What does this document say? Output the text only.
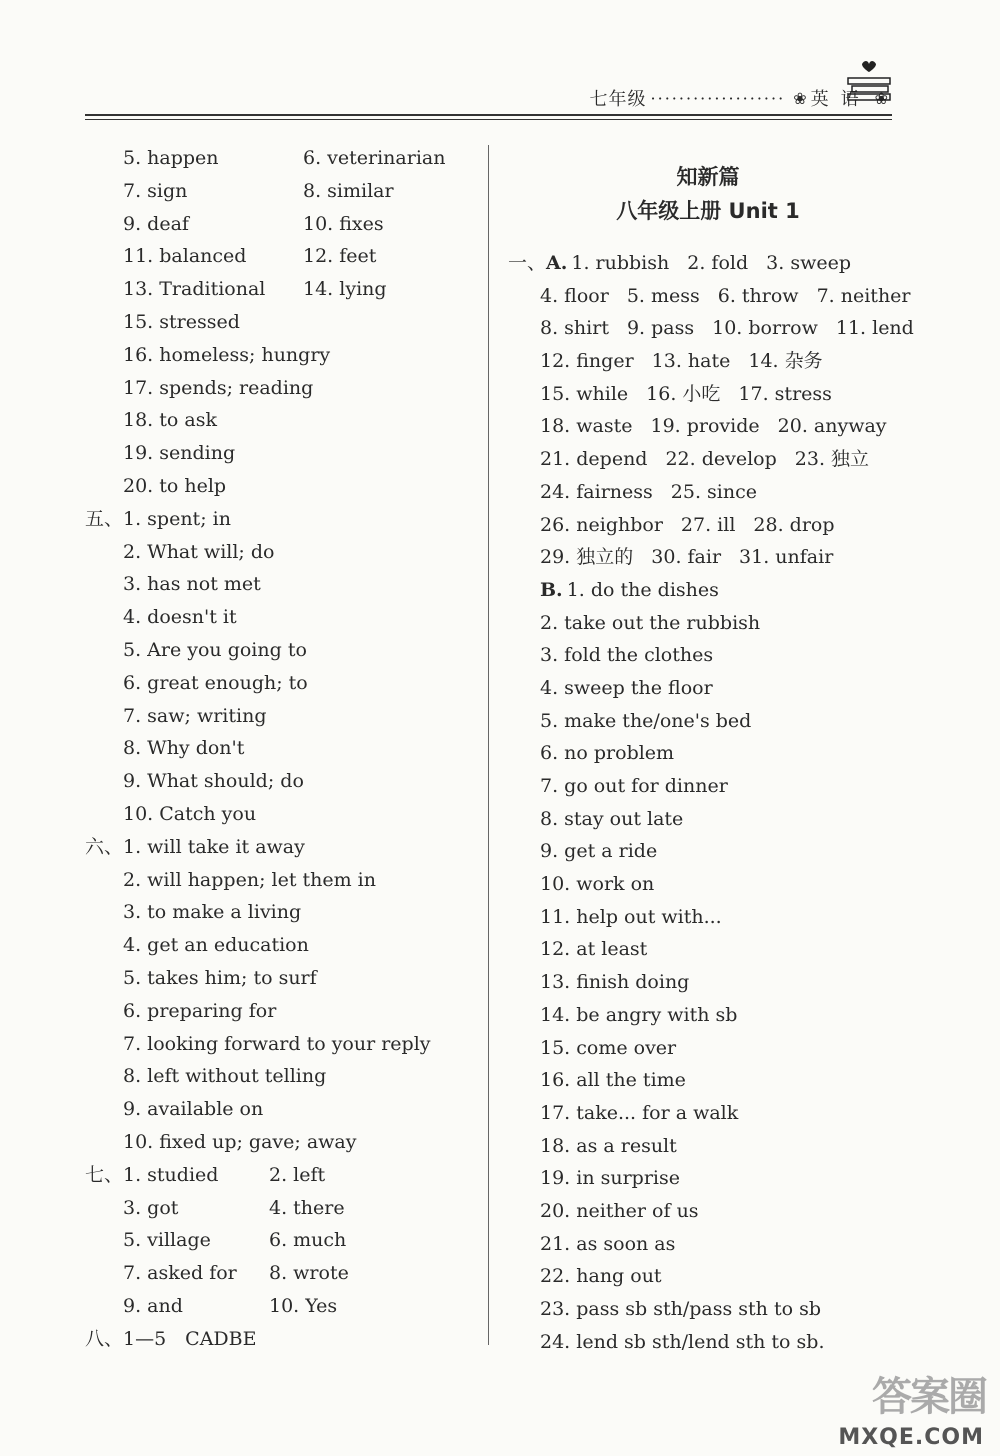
七年级 ··················· ❀ 英语 ❀
5. happen	6. veterinarian
7. sign	8. similar
9. deaf	10. fixes
11. balanced	12. feet
13. Traditional	14. lying
15. stressed
16. homeless; hungry
17. spends; reading
18. to ask
19. sending
20. to help
五、 1. spent; in
2. What will; do
3. has not met
4. doesn't it
5. Are you going to
6. great enough; to
7. saw; writing
8. Why don't
9. What should; do
10. Catch you
六、 1. will take it away
2. will happen; let them in
3. to make a living
4. get an education
5. takes him; to surf
6. preparing for
7. looking forward to your reply
8. left without telling
9. available on
10. fixed up; gave; away
七、 1. studied	2. left
3. got	4. there
5. village	6. much
7. asked for	8. wrote
9. and	10. Yes
八、 1—5　CADBE
知新篇
八年级上册 Unit 1
一、A. 1. rubbish 2. fold 3. sweep
4. floor 5. mess 6. throw 7. neither
8. shirt 9. pass 10. borrow 11. lend
12. finger 13. hate 14. 杂务
15. while 16. 小吃 17. stress
18. waste 19. provide 20. anyway
21. depend 22. develop 23. 独立
24. fairness 25. since
26. neighbor 27. ill 28. drop
29. 独立的 30. fair 31. unfair
B. 1. do the dishes
2. take out the rubbish
3. fold the clothes
4. sweep the floor
5. make the/one's bed
6. no problem
7. go out for dinner
8. stay out late
9. get a ride
10. work on
11. help out with...
12. at least
13. finish doing
14. be angry with sb
15. come over
16. all the time
17. take... for a walk
18. as a result
19. in surprise
20. neither of us
21. as soon as
22. hang out
23. pass sb sth/pass sth to sb
24. lend sb sth/lend sth to sb.
答案圈
MXQE.COM
